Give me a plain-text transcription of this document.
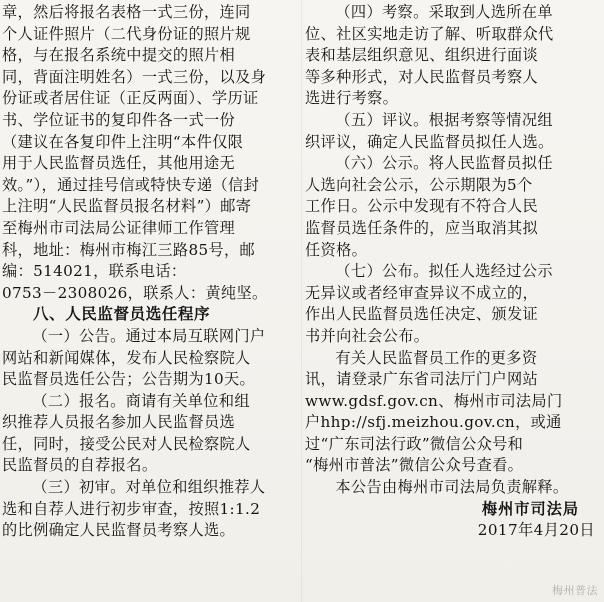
章，然后将报名表格一式三份，连同
个人证件照片（二代身份证的照片规
格，与在报名系统中提交的照片相
同，背面注明姓名）一式三份，以及身
份证或者居住证（正反两面）、学历证
书、学位证书的复印件各一式一份
（建议在各复印件上注明“本件仅限
用于人民监督员选任，其他用途无
效。”），通过挂号信或特快专递（信封
上注明“人民监督员报名材料”）邮寄
至梅州市司法局公证律师工作管理
科，地址：梅州市梅江三路85号，邮
编：514021，联系电话：
0753－2308026，联系人：黄纯坚。

八、人民监督员选任程序

（一）公告。通过本局互联网门户
网站和新闻媒体，发布人民检察院人
民监督员选任公告；公告期为10天。

（二）报名。商请有关单位和组
织推荐人员报名参加人民监督员选
任，同时，接受公民对人民检察院人
民监督员的自荐报名。

（三）初审。对单位和组织推荐人
选和自荐人进行初步审查，按照1:1.2
的比例确定人民监督员考察人选。

（四）考察。采取到人选所在单
位、社区实地走访了解、听取群众代
表和基层组织意见、组织进行面谈
等多种形式，对人民监督员考察人
选进行考察。

（五）评议。根据考察等情况组
织评议，确定人民监督员拟任人选。

（六）公示。将人民监督员拟任
人选向社会公示，公示期限为5个
工作日。公示中发现有不符合人民
监督员选任条件的，应当取消其拟
任资格。

（七）公布。拟任人选经过公示
无异议或者经审查异议不成立的，
作出人民监督员选任决定、颁发证
书并向社会公布。

有关人民监督员工作的更多资
讯，请登录广东省司法厅门户网站
www.gdsf.gov.cn、梅州市司法局门
户hhp://sfj.meizhou.gov.cn，或通
过“广东司法行政”微信公众号和
“梅州市普法”微信公众号查看。

本公告由梅州市司法局负责解释。

梅州市司法局

2017年4月20日

梅州普法
